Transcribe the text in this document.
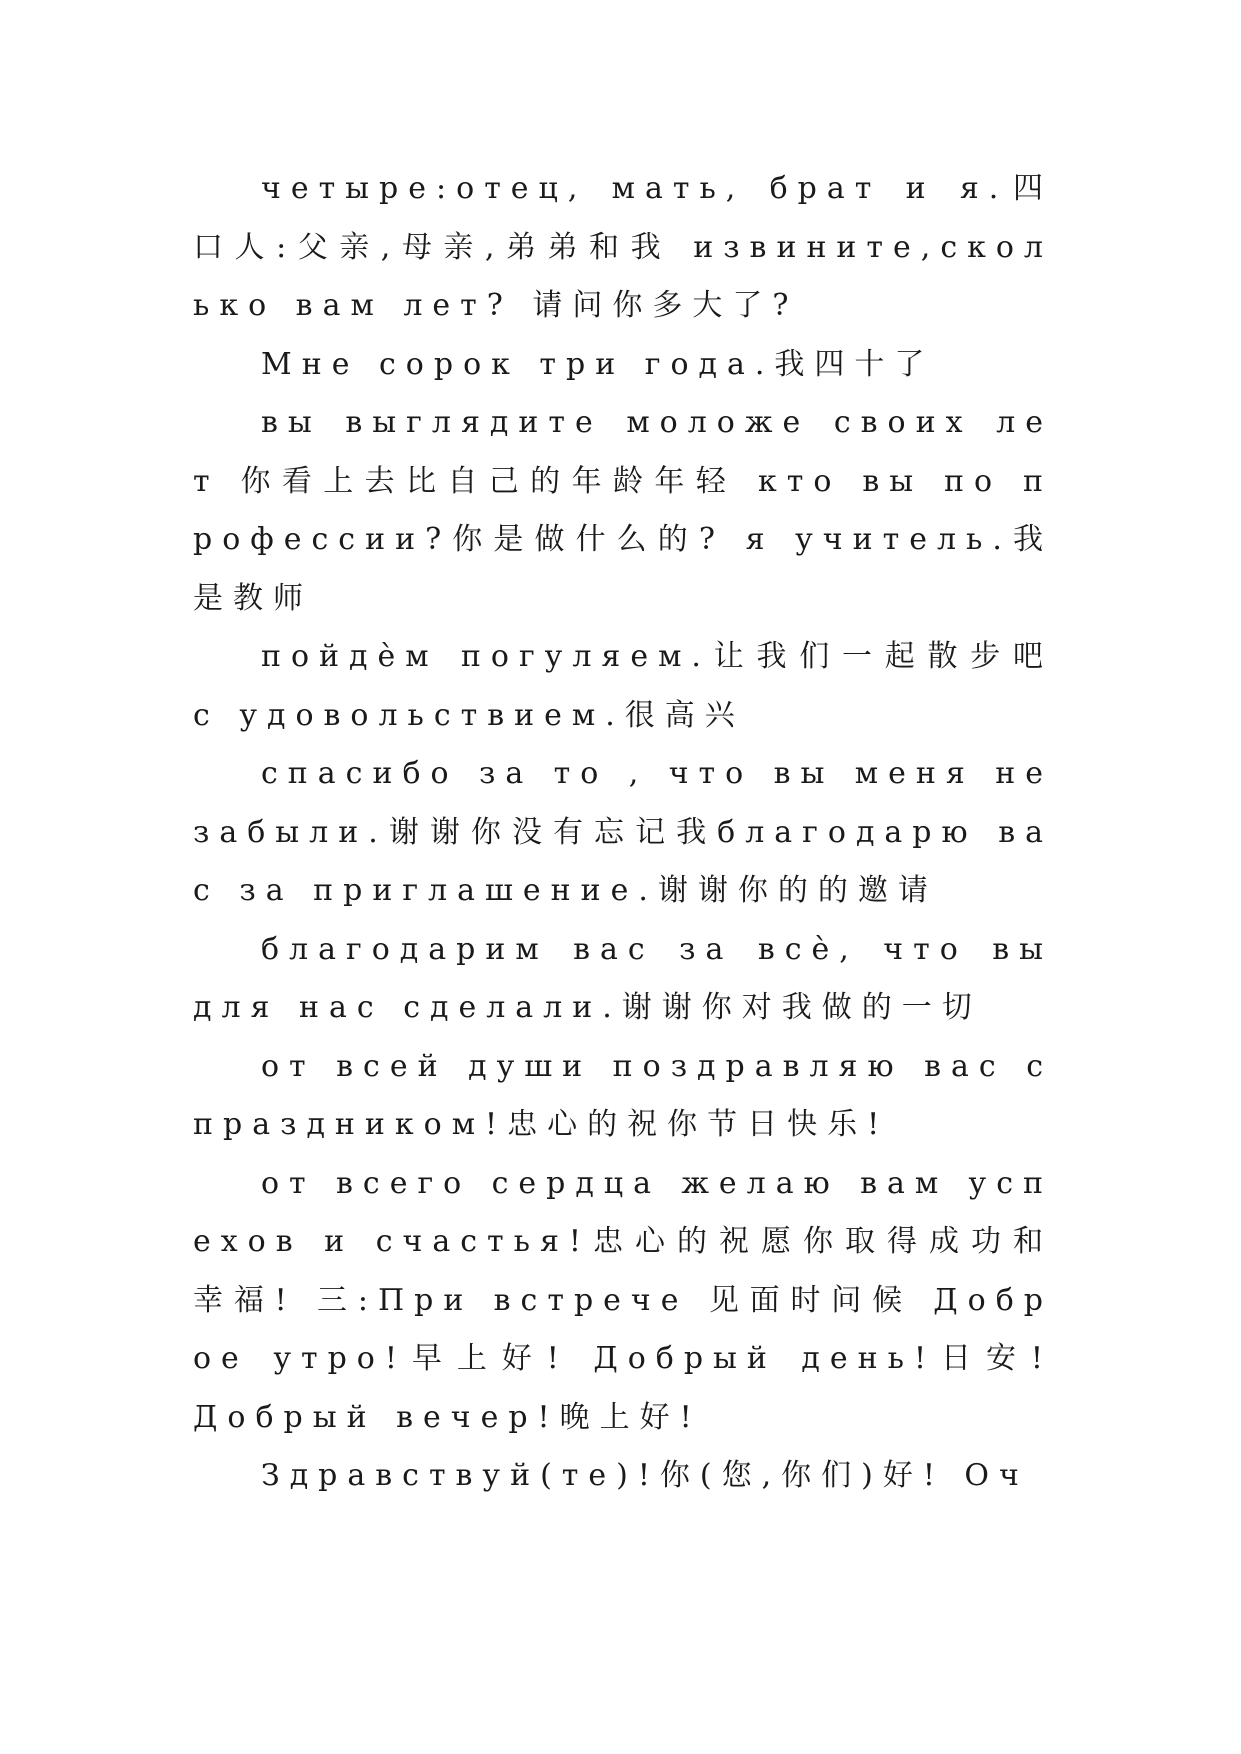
четыре:отец, мать, брат и я.四口人:父亲,母亲,弟弟和我 извините,сколько вам лет? 请问你多大了?

Мне сорок три года.我四十了

вы выглядите моложе своих лет 你看上去比自己的年龄年轻 кто вы по профессии?你是做什么的? я учитель.我是教师

пойдѐм погуляем.让我们一起散步吧 с удовольствием.很高兴

спасибо за то , что вы меня не забыли.谢谢你没有忘记我благодарю вас за приглашение.谢谢你的的邀请

благодарим вас за всѐ, что вы для нас сделали.谢谢你对我做的一切

от всей души поздравляю вас с праздником!忠心的祝你节日快乐!

от всего сердца желаю вам успехов и счастья!忠心的祝愿你取得成功和幸福! 三:При встрече 见面时问候 Доброе утро!早上好! Добрый день!日安! Добрый вечер!晚上好!

Здравствуй(те)!你(您,你们)好! Оч
